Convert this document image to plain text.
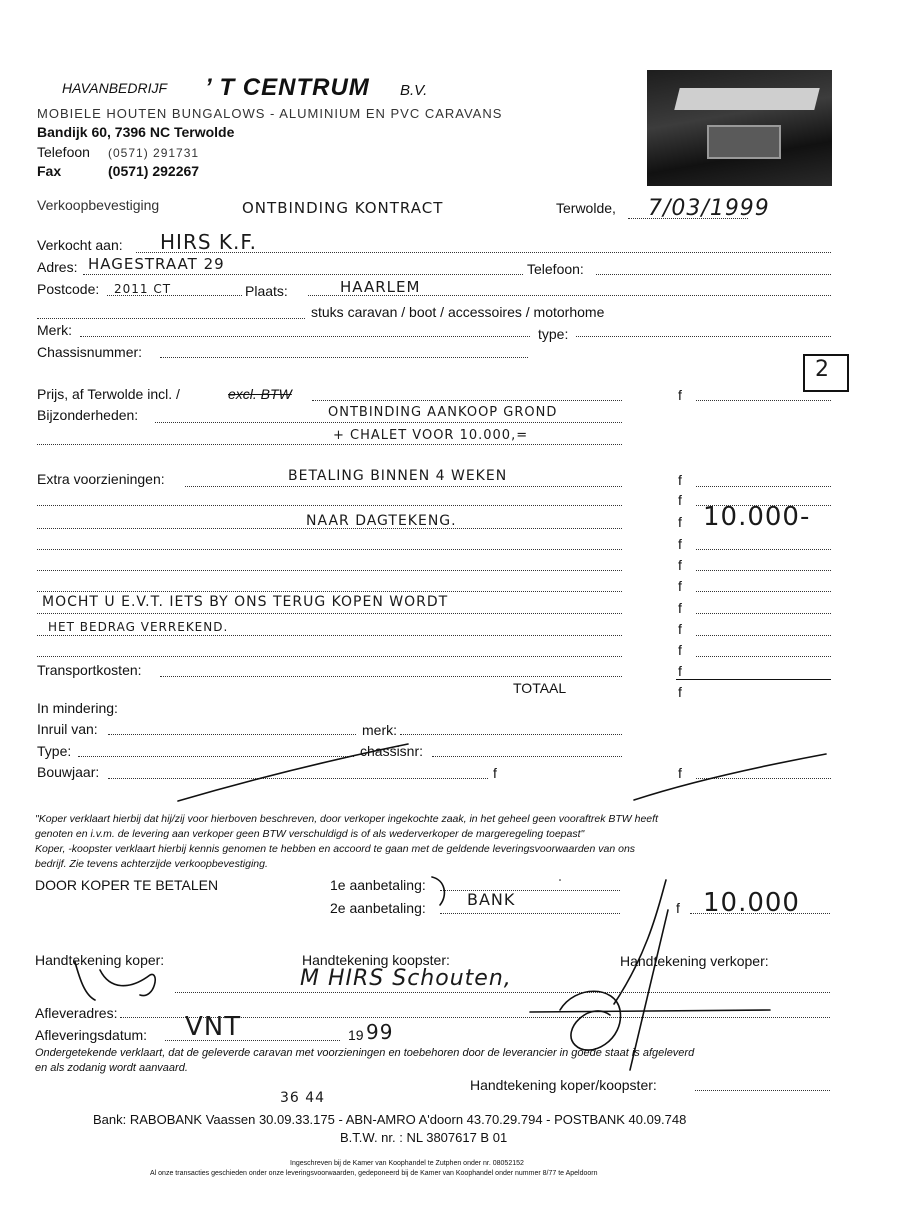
HAVANBEDRIJF ’ T CENTRUM B.V.
MOBIELE HOUTEN BUNGALOWS - ALUMINIUM EN PVC CARAVANS
Bandijk 60, 7396 NC Terwolde
Telefoon (0571) 291731
Fax	(0571) 292267
Verkoopbevestiging	ONTBINDING KONTRACT	Terwolde, 7/03/1999
Verkocht aan: HIRS K.F.
Adres: HAGESTRAAT 29	Telefoon:
Postcode: 2011 CT	Plaats:	HAARLEM
stuks caravan / boot / accessoires / motorhome
Merk:	type:
Chassisnummer:
2
Prijs, af Terwolde incl. /	excl. BTW	f
Bijzonderheden:	ONTBINDING AANKOOP GROND
+ CHALET VOOR 10.000,=
Extra voorzieningen:	BETALING BINNEN 4 WEKEN	f
f
NAAR DAGTEKENG.	f 10.000-
f
f
f
MOCHT U E.V.T. IETS BY ONS TERUG KOPEN WORDT	f
HET BEDRAG VERREKEND.	f
f
Transportkosten:	f
TOTAAL	f
In mindering:
Inruil van:	merk:
Type:	chassisnr:
Bouwjaar:	f	f
"Koper verklaart hierbij dat hij/zij voor hierboven beschreven, door verkoper ingekochte zaak, in het geheel geen vooraftrek BTW heeft
genoten en i.v.m. de levering aan verkoper geen BTW verschuldigd is of als wederverkoper de margeregeling toepast"
Koper, -koopster verklaart hierbij kennis genomen te hebben en accoord te gaan met de geldende leveringsvoorwaarden van ons
bedrijf. Zie tevens achterzijde verkoopbevestiging.
DOOR KOPER TE BETALEN	1e aanbetaling:
2e aanbetaling:	BANK	f 10.000
Handtekening koper:	Handtekening koopster:	Handtekening verkoper:
M HIRS Schouten,
Afleveradres:
Afleveringsdatum: VNT	19 99
Ondergetekende verklaart, dat de geleverde caravan met voorzieningen en toebehoren door de leverancier in goede staat is afgeleverd
en als zodanig wordt aanvaard.
Handtekening koper/koopster:
36 44
Bank: RABOBANK Vaassen 30.09.33.175 - ABN-AMRO A'doorn 43.70.29.794 - POSTBANK 40.09.748
B.T.W. nr. : NL 3807617 B 01
Ingeschreven bij de Kamer van Koophandel te Zutphen onder nr. 08052152
Al onze transacties geschieden onder onze leveringsvoorwaarden, gedeponeerd bij de Kamer van Koophandel onder nummer 8/77 te Apeldoorn
